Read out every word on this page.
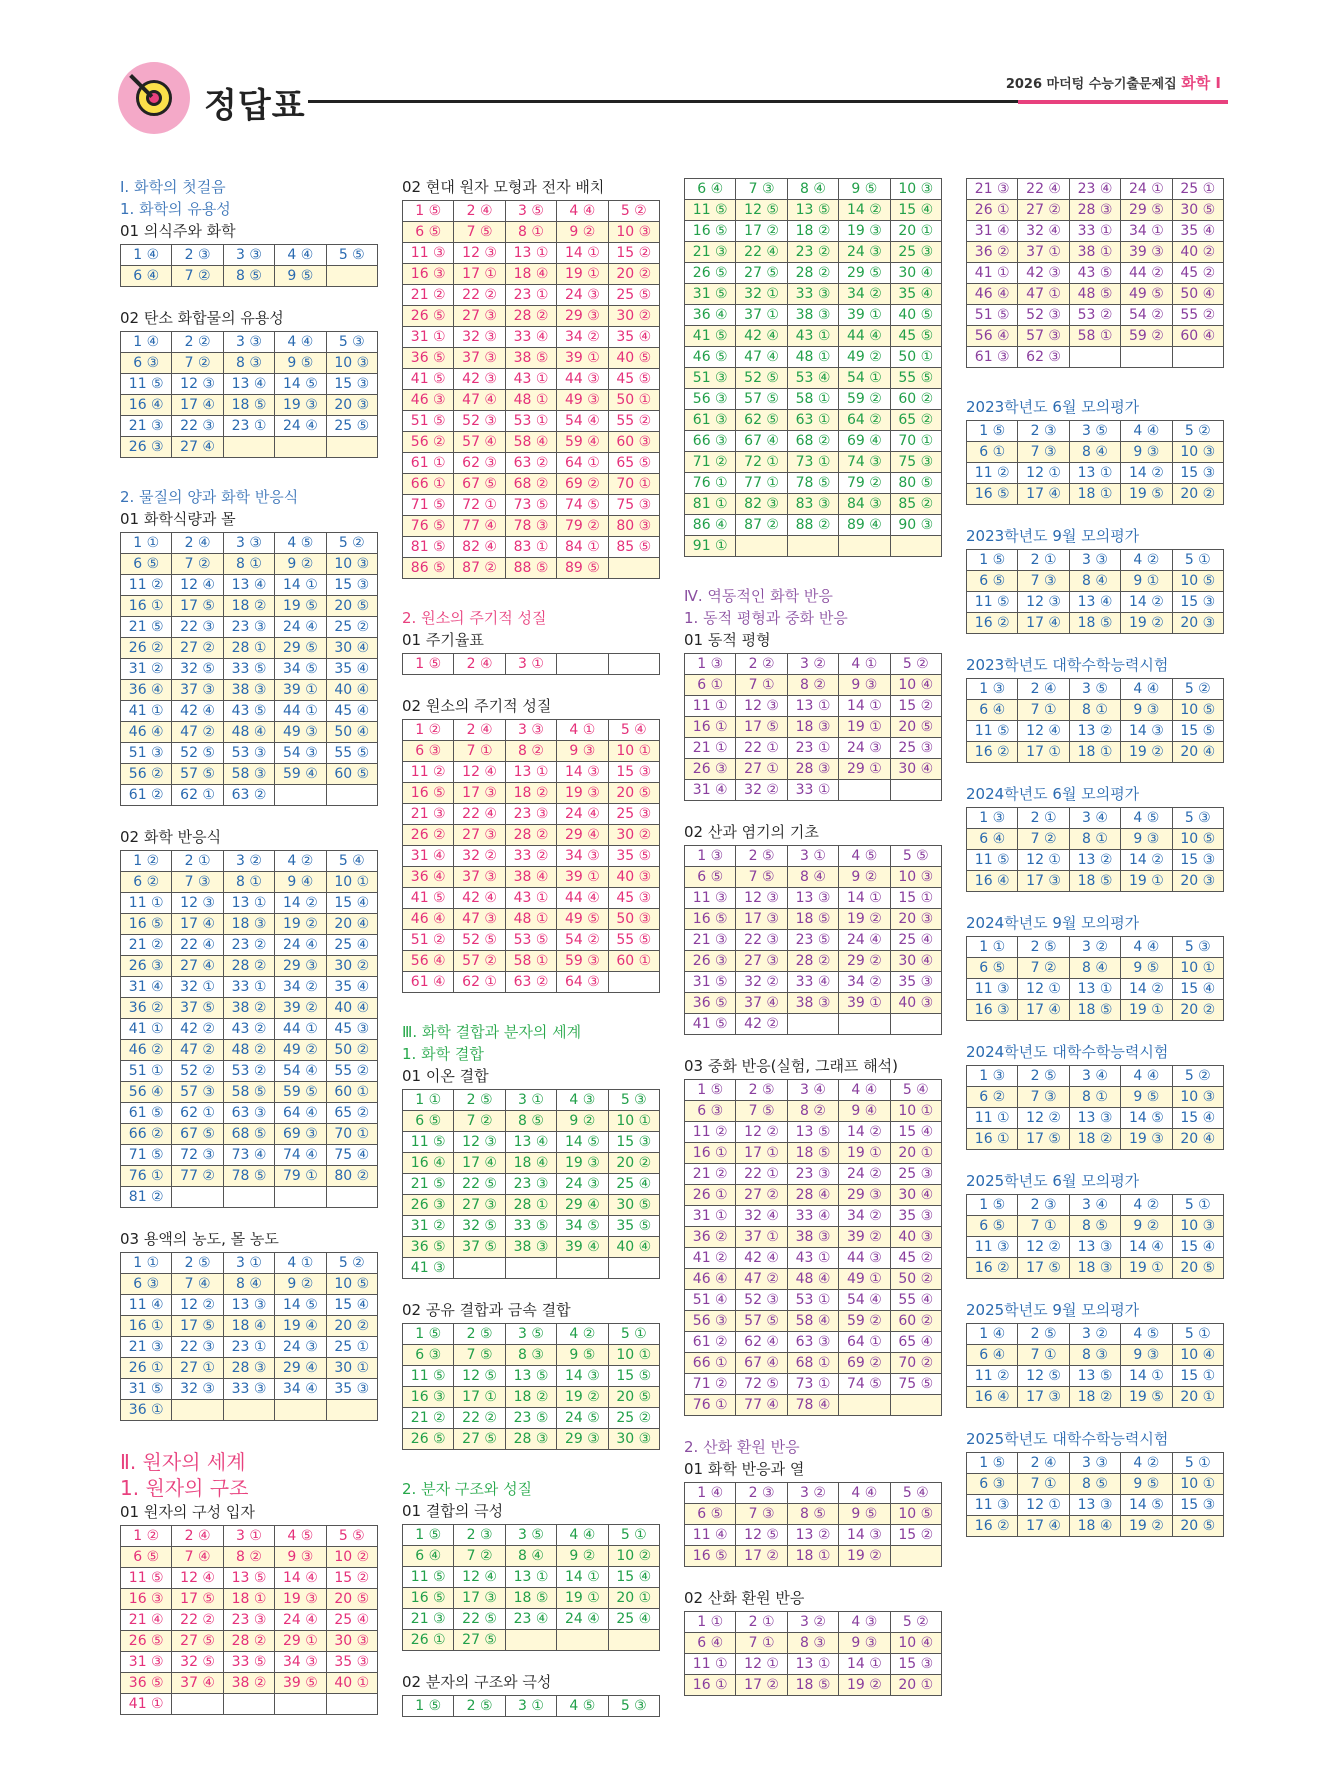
정답표
2026 마더텅 수능기출문제집 화학 Ⅰ
Ⅰ. 화학의 첫걸음
1. 화학의 유용성
01 의식주와 화학
1 ④	2 ③	3 ③	4 ④	5 ⑤
6 ④	7 ②	8 ⑤	9 ⑤	
02 탄소 화합물의 유용성
1 ④	2 ②	3 ③	4 ④	5 ③
6 ③	7 ②	8 ③	9 ⑤	10 ③
11 ⑤	12 ③	13 ④	14 ⑤	15 ③
16 ④	17 ④	18 ⑤	19 ③	20 ③
21 ③	22 ③	23 ①	24 ④	25 ⑤
26 ③	27 ④			
2. 물질의 양과 화학 반응식
01 화학식량과 몰
1 ①	2 ④	3 ③	4 ⑤	5 ②
6 ⑤	7 ②	8 ①	9 ②	10 ③
11 ②	12 ④	13 ④	14 ①	15 ③
16 ①	17 ⑤	18 ②	19 ⑤	20 ⑤
21 ⑤	22 ③	23 ③	24 ④	25 ②
26 ②	27 ②	28 ①	29 ⑤	30 ④
31 ②	32 ⑤	33 ⑤	34 ⑤	35 ④
36 ④	37 ③	38 ③	39 ①	40 ④
41 ①	42 ④	43 ⑤	44 ①	45 ④
46 ④	47 ②	48 ④	49 ③	50 ④
51 ③	52 ⑤	53 ③	54 ③	55 ⑤
56 ②	57 ⑤	58 ③	59 ④	60 ⑤
61 ②	62 ①	63 ②		
02 화학 반응식
1 ②	2 ①	3 ②	4 ②	5 ④
6 ②	7 ③	8 ①	9 ④	10 ①
11 ①	12 ③	13 ①	14 ②	15 ④
16 ⑤	17 ④	18 ③	19 ②	20 ④
21 ②	22 ④	23 ②	24 ④	25 ④
26 ③	27 ④	28 ②	29 ③	30 ②
31 ④	32 ①	33 ①	34 ②	35 ④
36 ②	37 ⑤	38 ②	39 ②	40 ④
41 ①	42 ②	43 ②	44 ①	45 ③
46 ②	47 ②	48 ②	49 ②	50 ②
51 ①	52 ②	53 ②	54 ④	55 ②
56 ④	57 ③	58 ⑤	59 ⑤	60 ①
61 ⑤	62 ①	63 ③	64 ④	65 ②
66 ②	67 ⑤	68 ⑤	69 ③	70 ①
71 ⑤	72 ③	73 ④	74 ④	75 ④
76 ①	77 ②	78 ⑤	79 ①	80 ②
81 ②				
03 용액의 농도, 몰 농도
1 ①	2 ⑤	3 ①	4 ①	5 ②
6 ③	7 ④	8 ④	9 ②	10 ⑤
11 ④	12 ②	13 ③	14 ⑤	15 ④
16 ①	17 ⑤	18 ④	19 ④	20 ②
21 ③	22 ③	23 ①	24 ③	25 ①
26 ①	27 ①	28 ③	29 ④	30 ①
31 ⑤	32 ③	33 ③	34 ④	35 ③
36 ①				
Ⅱ. 원자의 세계
1. 원자의 구조
01 원자의 구성 입자
1 ②	2 ④	3 ①	4 ⑤	5 ⑤
6 ⑤	7 ④	8 ②	9 ③	10 ②
11 ⑤	12 ④	13 ⑤	14 ④	15 ②
16 ③	17 ⑤	18 ①	19 ③	20 ⑤
21 ④	22 ②	23 ③	24 ④	25 ④
26 ⑤	27 ⑤	28 ②	29 ①	30 ③
31 ③	32 ⑤	33 ⑤	34 ③	35 ③
36 ⑤	37 ④	38 ②	39 ⑤	40 ①
41 ①				
02 현대 원자 모형과 전자 배치
1 ⑤	2 ④	3 ⑤	4 ④	5 ②
6 ⑤	7 ⑤	8 ①	9 ②	10 ③
11 ③	12 ③	13 ①	14 ①	15 ②
16 ③	17 ①	18 ④	19 ①	20 ②
21 ②	22 ②	23 ①	24 ③	25 ⑤
26 ⑤	27 ③	28 ②	29 ③	30 ②
31 ①	32 ③	33 ④	34 ②	35 ④
36 ⑤	37 ③	38 ⑤	39 ①	40 ⑤
41 ⑤	42 ③	43 ①	44 ③	45 ⑤
46 ③	47 ④	48 ①	49 ③	50 ①
51 ⑤	52 ③	53 ①	54 ④	55 ②
56 ②	57 ④	58 ④	59 ④	60 ③
61 ①	62 ③	63 ②	64 ①	65 ⑤
66 ①	67 ⑤	68 ②	69 ②	70 ①
71 ⑤	72 ①	73 ⑤	74 ⑤	75 ③
76 ⑤	77 ④	78 ③	79 ②	80 ③
81 ⑤	82 ④	83 ①	84 ①	85 ⑤
86 ⑤	87 ②	88 ⑤	89 ⑤	
2. 원소의 주기적 성질
01 주기율표
1 ⑤	2 ④	3 ①		
02 원소의 주기적 성질
1 ②	2 ④	3 ③	4 ①	5 ④
6 ③	7 ①	8 ②	9 ③	10 ①
11 ②	12 ④	13 ①	14 ③	15 ③
16 ⑤	17 ③	18 ②	19 ③	20 ⑤
21 ③	22 ④	23 ③	24 ④	25 ③
26 ②	27 ③	28 ②	29 ④	30 ②
31 ④	32 ②	33 ②	34 ③	35 ⑤
36 ④	37 ③	38 ④	39 ①	40 ③
41 ⑤	42 ④	43 ①	44 ④	45 ③
46 ④	47 ③	48 ①	49 ⑤	50 ③
51 ②	52 ⑤	53 ⑤	54 ②	55 ⑤
56 ④	57 ②	58 ①	59 ③	60 ①
61 ④	62 ①	63 ②	64 ③	
Ⅲ. 화학 결합과 분자의 세계
1. 화학 결합
01 이온 결합
1 ①	2 ⑤	3 ①	4 ③	5 ③
6 ⑤	7 ②	8 ⑤	9 ②	10 ①
11 ⑤	12 ③	13 ④	14 ⑤	15 ③
16 ④	17 ④	18 ④	19 ③	20 ②
21 ⑤	22 ⑤	23 ③	24 ③	25 ④
26 ③	27 ③	28 ①	29 ④	30 ⑤
31 ②	32 ⑤	33 ⑤	34 ⑤	35 ⑤
36 ⑤	37 ⑤	38 ③	39 ④	40 ④
41 ③				
02 공유 결합과 금속 결합
1 ⑤	2 ⑤	3 ⑤	4 ②	5 ①
6 ③	7 ⑤	8 ③	9 ⑤	10 ①
11 ⑤	12 ⑤	13 ⑤	14 ③	15 ⑤
16 ③	17 ①	18 ②	19 ②	20 ⑤
21 ②	22 ②	23 ⑤	24 ⑤	25 ②
26 ⑤	27 ⑤	28 ③	29 ③	30 ③
2. 분자 구조와 성질
01 결합의 극성
1 ⑤	2 ③	3 ⑤	4 ④	5 ①
6 ④	7 ②	8 ④	9 ②	10 ②
11 ⑤	12 ④	13 ①	14 ①	15 ④
16 ⑤	17 ③	18 ⑤	19 ①	20 ①
21 ③	22 ⑤	23 ④	24 ④	25 ④
26 ①	27 ⑤			
02 분자의 구조와 극성
1 ⑤	2 ⑤	3 ①	4 ⑤	5 ③
6 ④	7 ③	8 ④	9 ⑤	10 ③
11 ⑤	12 ⑤	13 ⑤	14 ②	15 ④
16 ⑤	17 ②	18 ②	19 ③	20 ①
21 ③	22 ④	23 ②	24 ③	25 ③
26 ⑤	27 ⑤	28 ②	29 ⑤	30 ④
31 ⑤	32 ①	33 ③	34 ②	35 ④
36 ④	37 ①	38 ③	39 ①	40 ⑤
41 ⑤	42 ④	43 ①	44 ④	45 ⑤
46 ⑤	47 ④	48 ①	49 ②	50 ①
51 ③	52 ⑤	53 ④	54 ①	55 ⑤
56 ③	57 ⑤	58 ①	59 ②	60 ②
61 ③	62 ⑤	63 ①	64 ②	65 ②
66 ③	67 ④	68 ②	69 ④	70 ①
71 ②	72 ①	73 ①	74 ③	75 ③
76 ①	77 ①	78 ⑤	79 ②	80 ⑤
81 ①	82 ③	83 ③	84 ③	85 ②
86 ④	87 ②	88 ②	89 ④	90 ③
91 ①				
Ⅳ. 역동적인 화학 반응
1. 동적 평형과 중화 반응
01 동적 평형
1 ③	2 ②	3 ②	4 ①	5 ②
6 ①	7 ①	8 ②	9 ③	10 ④
11 ①	12 ③	13 ①	14 ①	15 ②
16 ①	17 ⑤	18 ③	19 ①	20 ⑤
21 ①	22 ①	23 ①	24 ③	25 ③
26 ③	27 ①	28 ③	29 ①	30 ④
31 ④	32 ②	33 ①		
02 산과 염기의 기초
1 ③	2 ⑤	3 ①	4 ⑤	5 ⑤
6 ⑤	7 ⑤	8 ④	9 ②	10 ③
11 ③	12 ③	13 ③	14 ①	15 ①
16 ⑤	17 ③	18 ⑤	19 ②	20 ③
21 ③	22 ③	23 ⑤	24 ④	25 ④
26 ③	27 ③	28 ②	29 ②	30 ④
31 ⑤	32 ②	33 ④	34 ②	35 ③
36 ⑤	37 ④	38 ③	39 ①	40 ③
41 ⑤	42 ②			
03 중화 반응(실험, 그래프 해석)
1 ⑤	2 ⑤	3 ④	4 ④	5 ④
6 ③	7 ⑤	8 ②	9 ④	10 ①
11 ②	12 ②	13 ⑤	14 ②	15 ④
16 ①	17 ①	18 ⑤	19 ①	20 ①
21 ②	22 ①	23 ③	24 ②	25 ③
26 ①	27 ②	28 ④	29 ③	30 ④
31 ①	32 ④	33 ④	34 ②	35 ③
36 ②	37 ①	38 ③	39 ②	40 ③
41 ②	42 ④	43 ①	44 ③	45 ②
46 ④	47 ②	48 ④	49 ①	50 ②
51 ④	52 ③	53 ①	54 ④	55 ④
56 ③	57 ⑤	58 ④	59 ②	60 ②
61 ②	62 ④	63 ③	64 ①	65 ④
66 ①	67 ④	68 ①	69 ②	70 ②
71 ②	72 ⑤	73 ①	74 ⑤	75 ⑤
76 ①	77 ④	78 ④		
2. 산화 환원 반응
01 화학 반응과 열
1 ④	2 ③	3 ②	4 ④	5 ④
6 ⑤	7 ③	8 ⑤	9 ⑤	10 ⑤
11 ④	12 ⑤	13 ②	14 ③	15 ②
16 ⑤	17 ②	18 ①	19 ②	
02 산화 환원 반응
1 ①	2 ①	3 ②	4 ③	5 ②
6 ④	7 ①	8 ③	9 ③	10 ④
11 ①	12 ①	13 ①	14 ①	15 ③
16 ①	17 ②	18 ⑤	19 ②	20 ①
21 ③	22 ④	23 ④	24 ①	25 ①
26 ①	27 ②	28 ③	29 ⑤	30 ⑤
31 ④	32 ④	33 ①	34 ①	35 ④
36 ②	37 ①	38 ①	39 ③	40 ②
41 ①	42 ③	43 ⑤	44 ②	45 ②
46 ④	47 ①	48 ⑤	49 ⑤	50 ④
51 ⑤	52 ③	53 ②	54 ②	55 ②
56 ④	57 ③	58 ①	59 ②	60 ④
61 ③	62 ③			
2023학년도 6월 모의평가
1 ⑤	2 ③	3 ⑤	4 ④	5 ②
6 ①	7 ③	8 ④	9 ③	10 ③
11 ②	12 ①	13 ①	14 ②	15 ③
16 ⑤	17 ④	18 ①	19 ⑤	20 ②
2023학년도 9월 모의평가
1 ⑤	2 ①	3 ③	4 ②	5 ①
6 ⑤	7 ③	8 ④	9 ①	10 ⑤
11 ⑤	12 ③	13 ④	14 ②	15 ③
16 ②	17 ④	18 ⑤	19 ②	20 ③
2023학년도 대학수학능력시험
1 ③	2 ④	3 ⑤	4 ④	5 ②
6 ④	7 ①	8 ①	9 ③	10 ⑤
11 ⑤	12 ④	13 ②	14 ③	15 ⑤
16 ②	17 ①	18 ①	19 ②	20 ④
2024학년도 6월 모의평가
1 ③	2 ①	3 ④	4 ⑤	5 ③
6 ④	7 ②	8 ①	9 ③	10 ⑤
11 ⑤	12 ①	13 ②	14 ②	15 ③
16 ④	17 ③	18 ⑤	19 ①	20 ③
2024학년도 9월 모의평가
1 ①	2 ⑤	3 ②	4 ④	5 ③
6 ⑤	7 ②	8 ④	9 ⑤	10 ①
11 ③	12 ①	13 ①	14 ②	15 ④
16 ③	17 ④	18 ⑤	19 ①	20 ②
2024학년도 대학수학능력시험
1 ③	2 ⑤	3 ④	4 ④	5 ②
6 ②	7 ③	8 ①	9 ⑤	10 ③
11 ①	12 ②	13 ③	14 ⑤	15 ④
16 ①	17 ⑤	18 ②	19 ③	20 ④
2025학년도 6월 모의평가
1 ⑤	2 ③	3 ④	4 ②	5 ①
6 ⑤	7 ①	8 ⑤	9 ②	10 ③
11 ③	12 ②	13 ③	14 ④	15 ④
16 ②	17 ⑤	18 ③	19 ①	20 ⑤
2025학년도 9월 모의평가
1 ④	2 ⑤	3 ②	4 ⑤	5 ①
6 ④	7 ①	8 ③	9 ③	10 ④
11 ②	12 ⑤	13 ⑤	14 ①	15 ①
16 ④	17 ③	18 ②	19 ⑤	20 ①
2025학년도 대학수학능력시험
1 ⑤	2 ④	3 ③	4 ②	5 ①
6 ③	7 ①	8 ⑤	9 ⑤	10 ①
11 ③	12 ①	13 ③	14 ⑤	15 ③
16 ②	17 ④	18 ④	19 ②	20 ⑤
